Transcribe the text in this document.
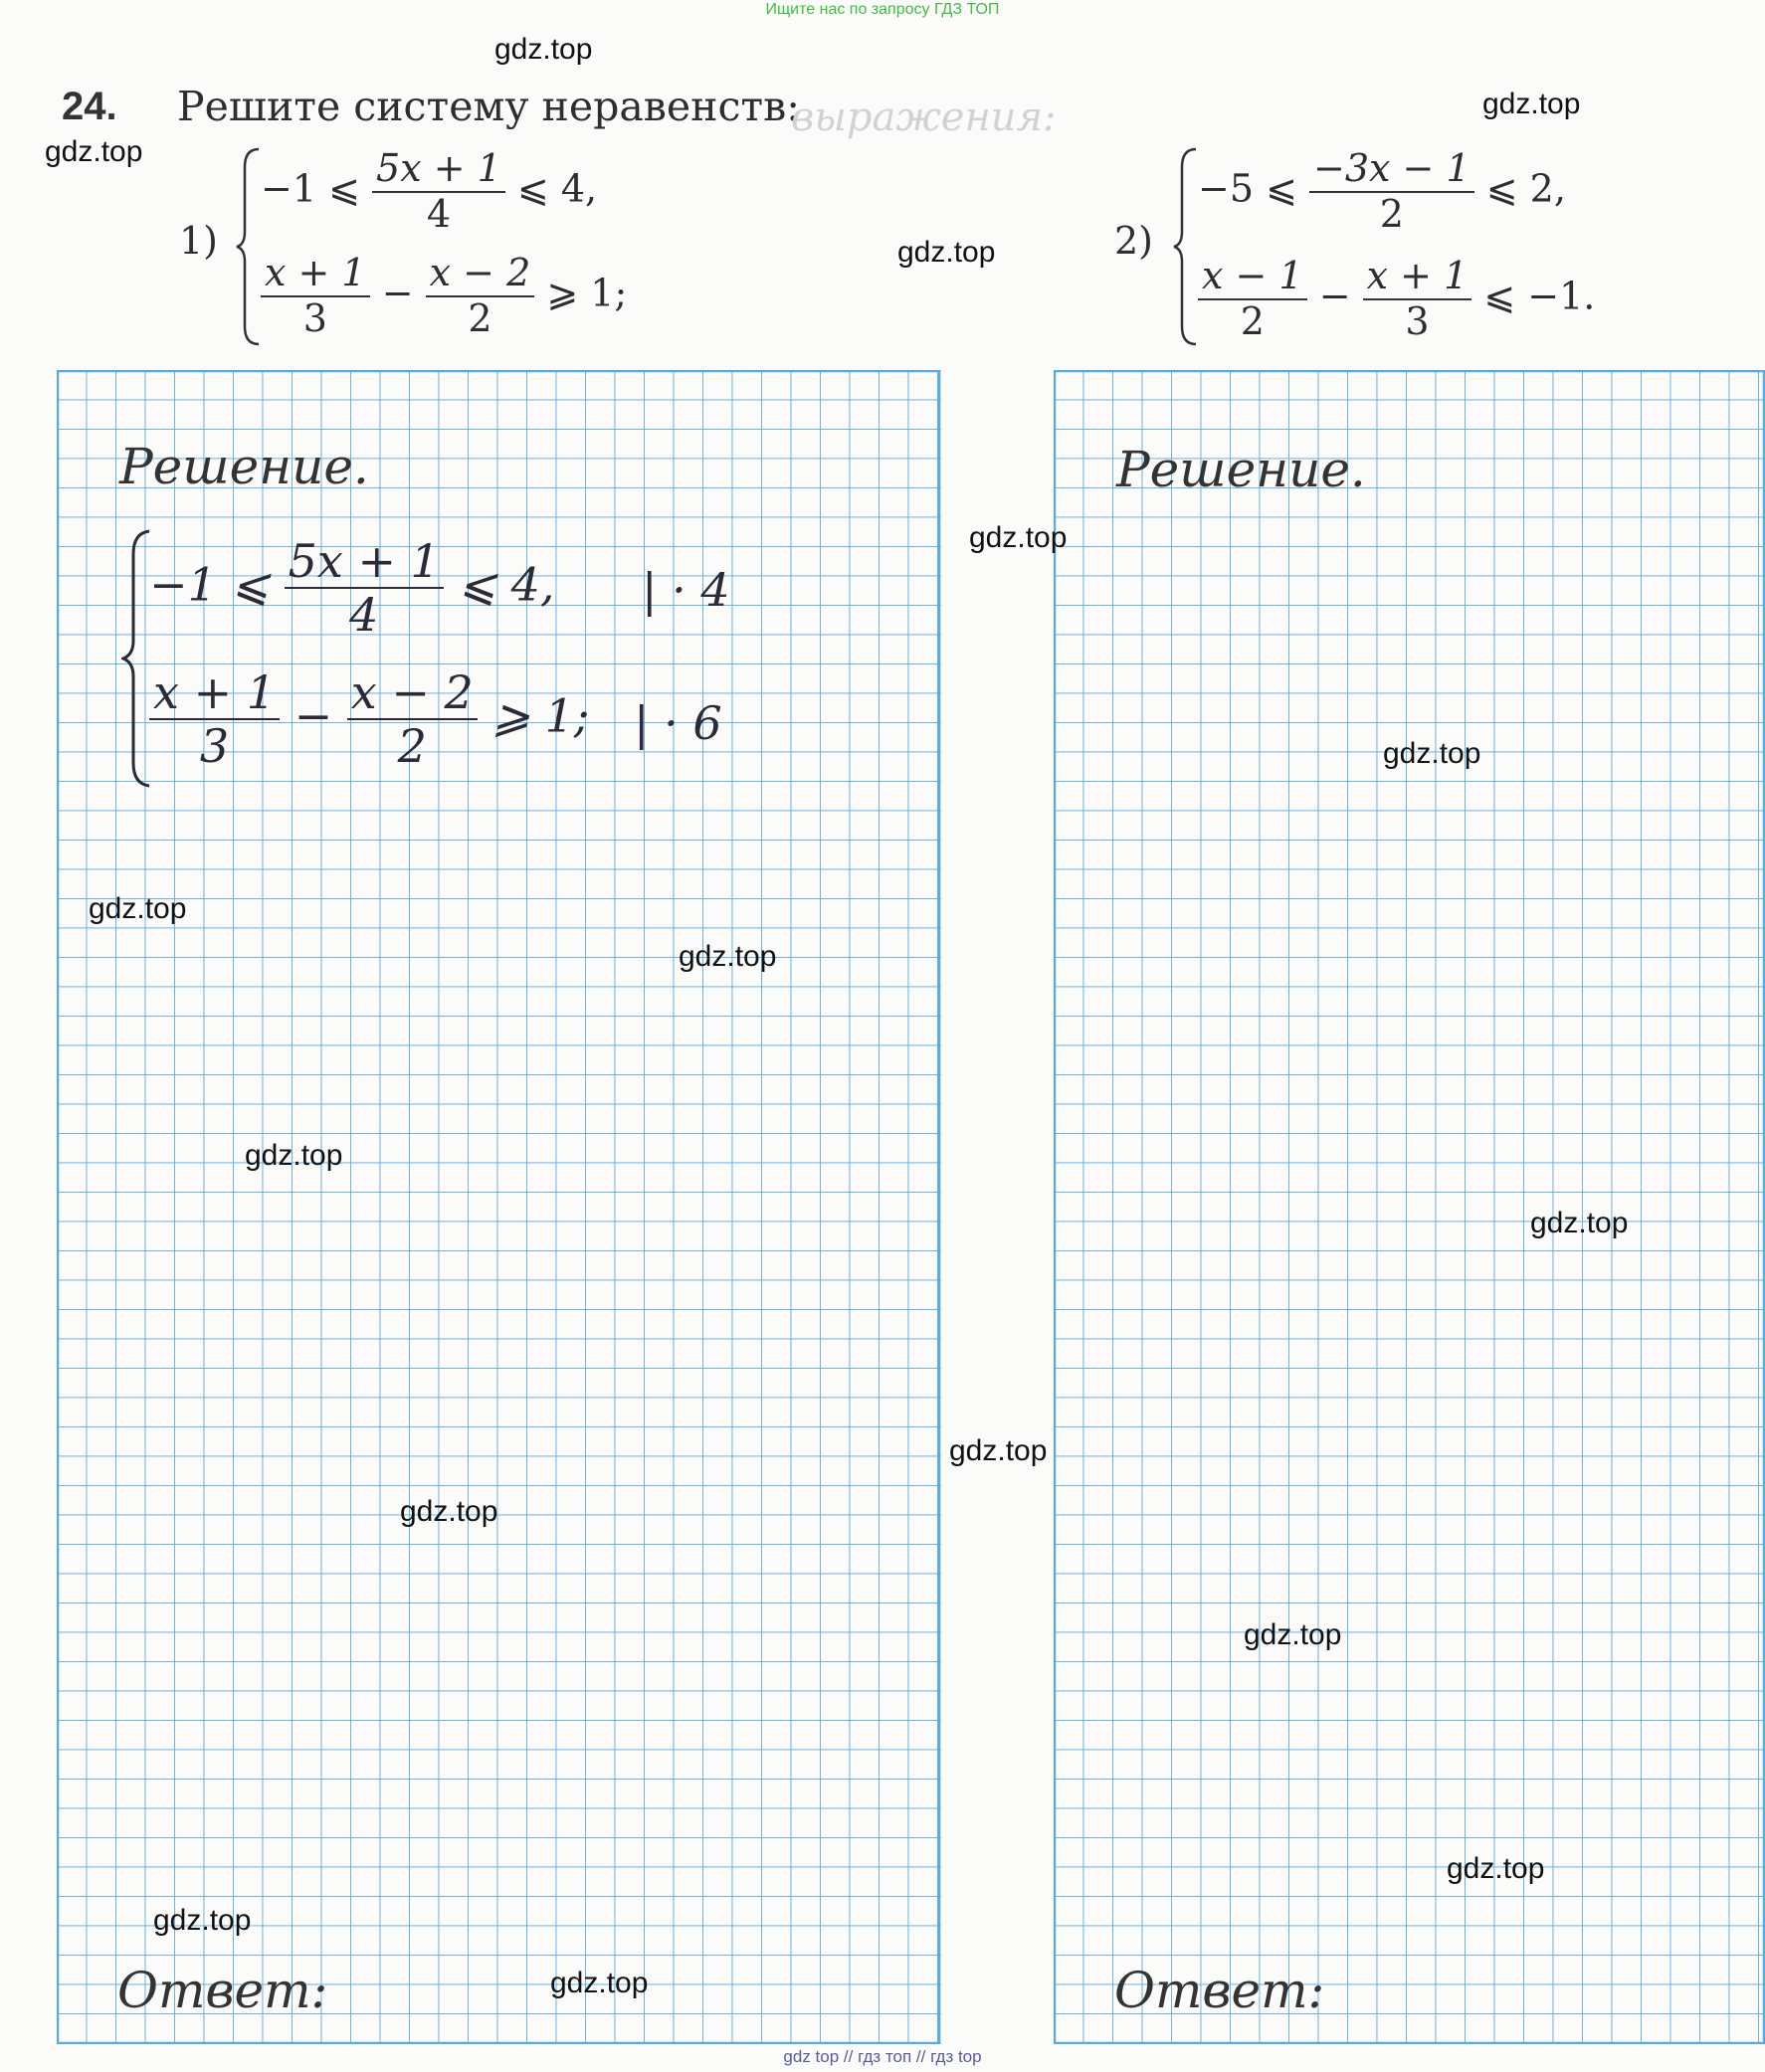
Ищите нас по запросу ГДЗ ТОП
24. Решите систему неравенств:
выражения:
1)
−1 ⩽ $\frac{5x + 1}{4}$ ⩽ 4,
$\frac{x + 1}{3} - \frac{x - 2}{2}$ ⩾ 1;
2)
−5 ⩽ $\frac{-3x - 1}{2}$ ⩽ 2,
$\frac{x - 1}{2} - \frac{x + 1}{3}$ ⩽ −1.
Решение.
−1 ⩽ $\frac{5x + 1}{4}$ ⩽ 4, | · 4
$\frac{x + 1}{3} - \frac{x - 2}{2}$ ⩾ 1; | · 6
Ответ:
Решение.
Ответ:
gdz.top
gdz.top
gdz.top
gdz.top
gdz.top
gdz.top
gdz.top
gdz.top
gdz.top
gdz.top
gdz.top
gdz.top
gdz.top
gdz.top
gdz.top
gdz.top
gdz top // гдз топ // гдз top
